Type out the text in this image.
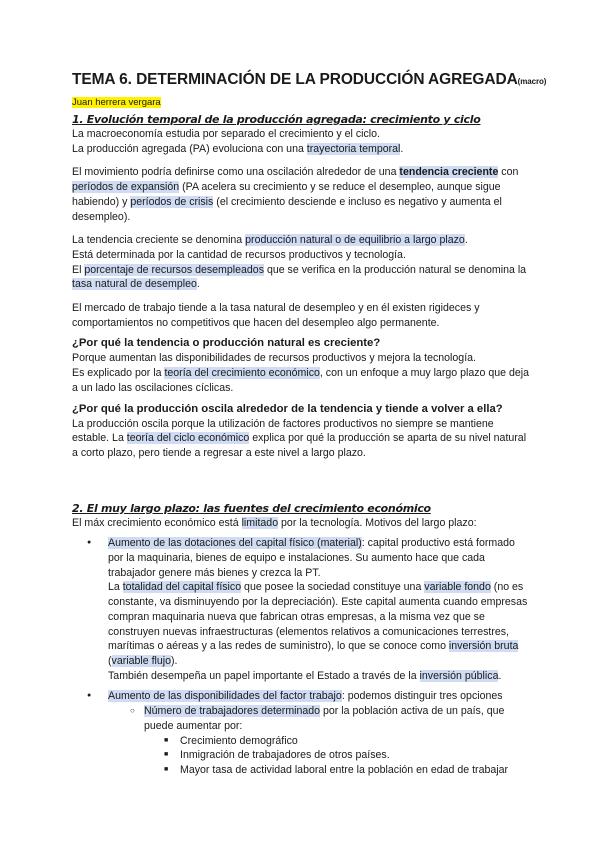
TEMA 6. DETERMINACIÓN DE LA PRODUCCIÓN AGREGADA(macro)
Juan herrera vergara
1. Evolución temporal de la producción agregada: crecimiento y ciclo

La macroeconomía estudia por separado el crecimiento y el ciclo.

La producción agregada (PA) evoluciona con una trayectoria temporal.

El movimiento podría definirse como una oscilación alrededor de una tendencia creciente con períodos de expansión (PA acelera su crecimiento y se reduce el desempleo, aunque sigue habiendo) y períodos de crisis (el crecimiento desciende e incluso es negativo y aumenta el desempleo).

La tendencia creciente se denomina producción natural o de equilibrio a largo plazo.

Está determinada por la cantidad de recursos productivos y tecnología.

El porcentaje de recursos desempleados que se verifica en la producción natural se denomina la tasa natural de desempleo.

El mercado de trabajo tiende a la tasa natural de desempleo y en él existen rigideces y comportamientos no competitivos que hacen del desempleo algo permanente.

¿Por qué la tendencia o producción natural es creciente?

Porque aumentan las disponibilidades de recursos productivos y mejora la tecnología.

Es explicado por la teoría del crecimiento económico, con un enfoque a muy largo plazo que deja a un lado las oscilaciones cíclicas.

¿Por qué la producción oscila alrededor de la tendencia y tiende a volver a ella?

La producción oscila porque la utilización de factores productivos no siempre se mantiene estable. La teoría del ciclo económico explica por qué la producción se aparta de su nivel natural a corto plazo, pero tiende a regresar a este nivel a largo plazo.

2. El muy largo plazo: las fuentes del crecimiento económico

El máx crecimiento económico está limitado por la tecnología. Motivos del largo plazo:

● Aumento de las dotaciones del capital físico (material): capital productivo está formado por la maquinaria, bienes de equipo e instalaciones. Su aumento hace que cada trabajador genere más bienes y crezca la PT.
La totalidad del capital físico que posee la sociedad constituye una variable fondo (no es constante, va disminuyendo por la depreciación). Este capital aumenta cuando empresas compran maquinaria nueva que fabrican otras empresas, a la misma vez que se construyen nuevas infraestructuras (elementos relativos a comunicaciones terrestres, marítimas o aéreas y a las redes de suministro), lo que se conoce como inversión bruta (variable flujo).
También desempeña un papel importante el Estado a través de la inversión pública.
● Aumento de las disponibilidades del factor trabajo: podemos distinguir tres opciones
○ Número de trabajadores determinado por la población activa de un país, que puede aumentar por:
■ Crecimiento demográfico
■ Inmigración de trabajadores de otros países.
■ Mayor tasa de actividad laboral entre la población en edad de trabajar
